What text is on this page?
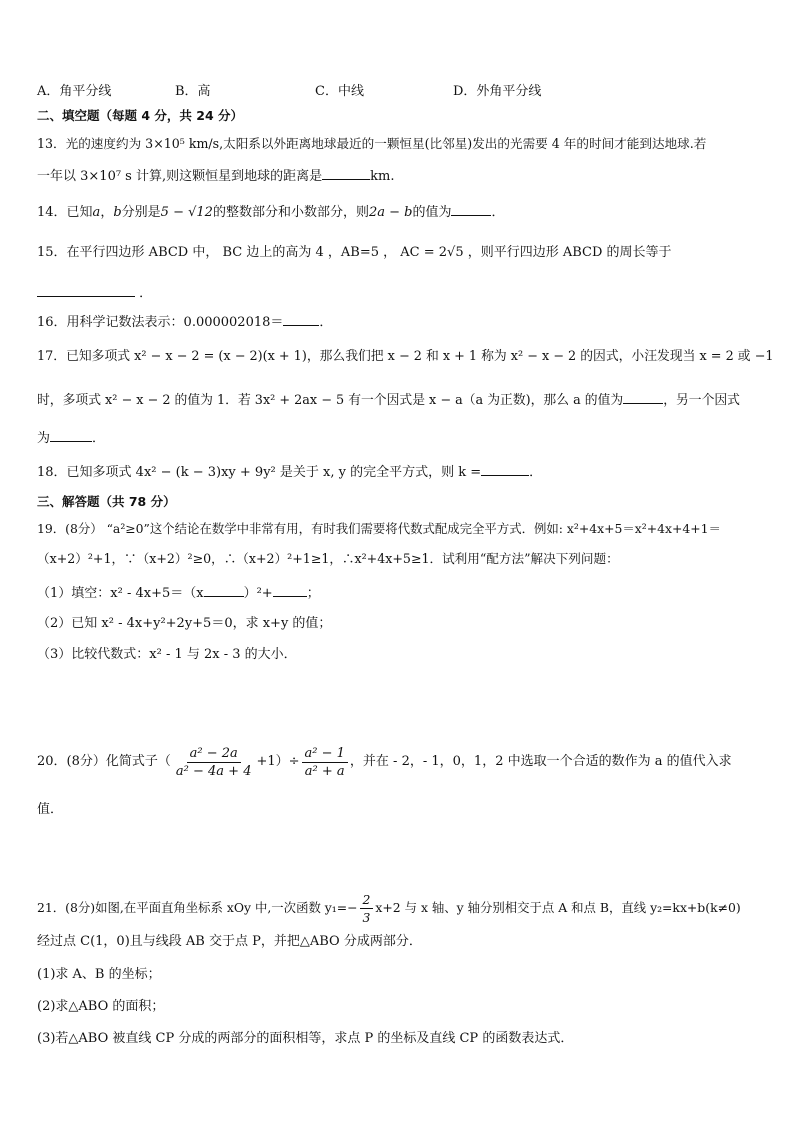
A．角平分线	B．高	C．中线	D．外角平分线
二、填空题（每题 4 分，共 24 分）
13．光的速度约为 3×10⁵ km/s,太阳系以外距离地球最近的一颗恒星(比邻星)发出的光需要 4 年的时间才能到达地球.若
一年以 3×10⁷ s 计算,则这颗恒星到地球的距离是	km.
14．已知a，b分别是5 − √12的整数部分和小数部分，则2a − b的值为	．
15．在平行四边形 ABCD 中， BC 边上的高为 4 ，AB=5 ， AC = 2√5 ，则平行四边形 ABCD 的周长等于
．
16．用科学记数法表示：0.000002018＝	．
17．已知多项式 x² − x − 2 = (x − 2)(x + 1)，那么我们把 x − 2 和 x + 1 称为 x² − x − 2 的因式，小汪发现当 x = 2 或 −1
时，多项式 x² − x − 2 的值为 1．若 3x² + 2ax − 5 有一个因式是 x − a（a 为正数)，那么 a 的值为	，另一个因式
为	．
18．已知多项式 4x² − (k − 3)xy + 9y² 是关于 x, y 的完全平方式，则 k =	．
三、解答题（共 78 分）
19．(8分） “a²≥0”这个结论在数学中非常有用，有时我们需要将代数式配成完全平方式．例如: x²+4x+5＝x²+4x+4+1＝
（x+2）²+1，∵（x+2）²≥0，∴（x+2）²+1≥1，∴x²+4x+5≥1．试利用“配方法”解决下列问题：
（1）填空：x² - 4x+5＝（x	）²+	；
（2）已知 x² - 4x+y²+2y+5＝0，求 x+y 的值；
（3）比较代数式：x² - 1 与 2x - 3 的大小．
20．(8分）化简式子（ $\frac{\text{a² − 2a}}{\text{a² − 4a + 4}} +1)\div \frac{\text{a² − 1}}{\text{a² + a}}$ ，并在 - 2，- 1，0，1，2 中选取一个合适的数作为 a 的值代入求
值．
21．(8分)如图,在平面直角坐标系 xOy 中,一次函数 $y_1=- \frac{2}{3} x+2$ 与 x 轴、y 轴分别相交于点 A 和点 B，直线 y₂=kx+b(k≠0)
经过点 C(1，0)且与线段 AB 交于点 P，并把△ABO 分成两部分．
(1)求 A、B 的坐标；
(2)求△ABO 的面积；
(3)若△ABO 被直线 CP 分成的两部分的面积相等，求点 P 的坐标及直线 CP 的函数表达式．
